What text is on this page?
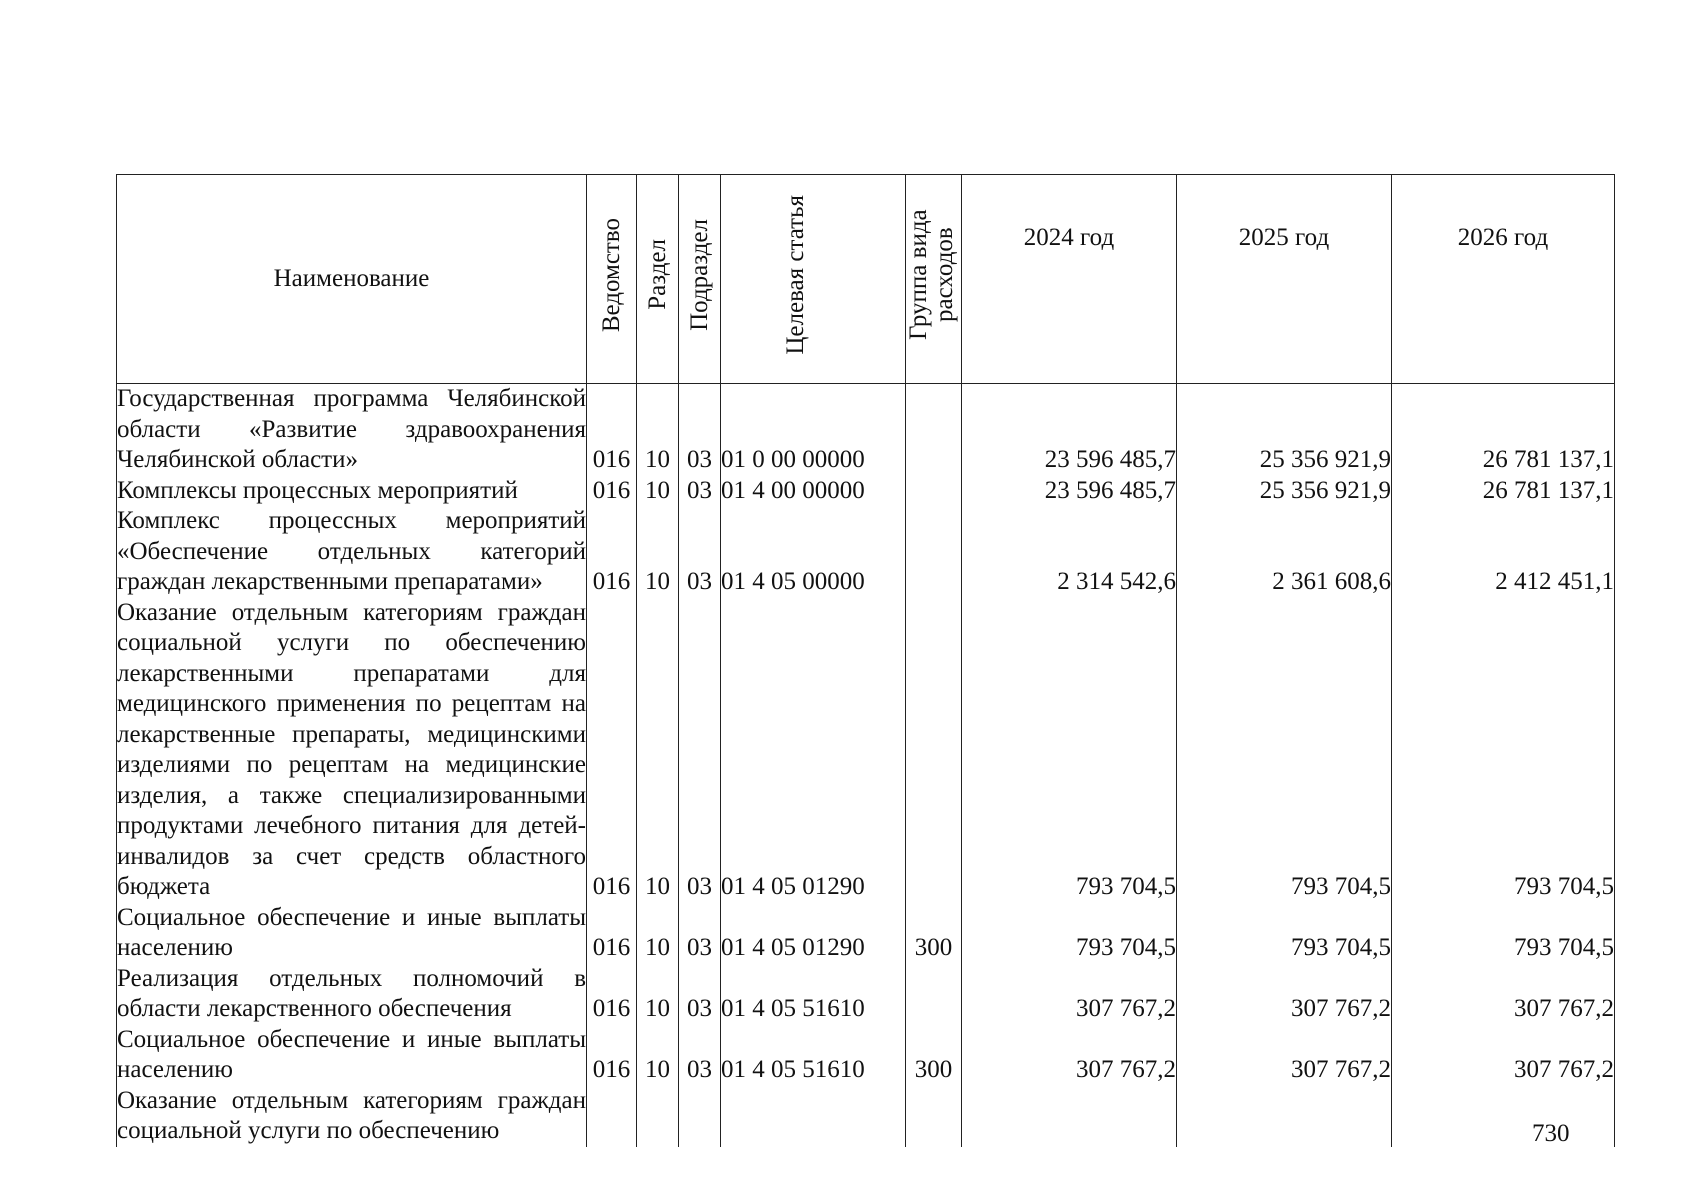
Наименование	Ведомство	Раздел	Подраздел	Целевая статья	Группа вида расходов	2024 год	2025 год	2026 год
Государственная программа Челябинской области «Развитие здравоохранения Челябинской области»	016	10	03	01 0 00 00000		23 596 485,7	25 356 921,9	26 781 137,1
Комплексы процессных мероприятий	016	10	03	01 4 00 00000		23 596 485,7	25 356 921,9	26 781 137,1
Комплекс процессных мероприятий «Обеспечение отдельных категорий граждан лекарственными препаратами»	016	10	03	01 4 05 00000		2 314 542,6	2 361 608,6	2 412 451,1
Оказание отдельным категориям граждан социальной услуги по обеспечению лекарственными препаратами для медицинского применения по рецептам на лекарственные препараты, медицинскими изделиями по рецептам на медицинские изделия, а также специализированными продуктами лечебного питания для детей-инвалидов за счет средств областного бюджета	016	10	03	01 4 05 01290		793 704,5	793 704,5	793 704,5
Социальное обеспечение и иные выплаты населению	016	10	03	01 4 05 01290	300	793 704,5	793 704,5	793 704,5
Реализация отдельных полномочий в области лекарственного обеспечения	016	10	03	01 4 05 51610		307 767,2	307 767,2	307 767,2
Социальное обеспечение и иные выплаты населению	016	10	03	01 4 05 51610	300	307 767,2	307 767,2	307 767,2
Оказание отдельным категориям граждан социальной услуги по обеспечению									730
